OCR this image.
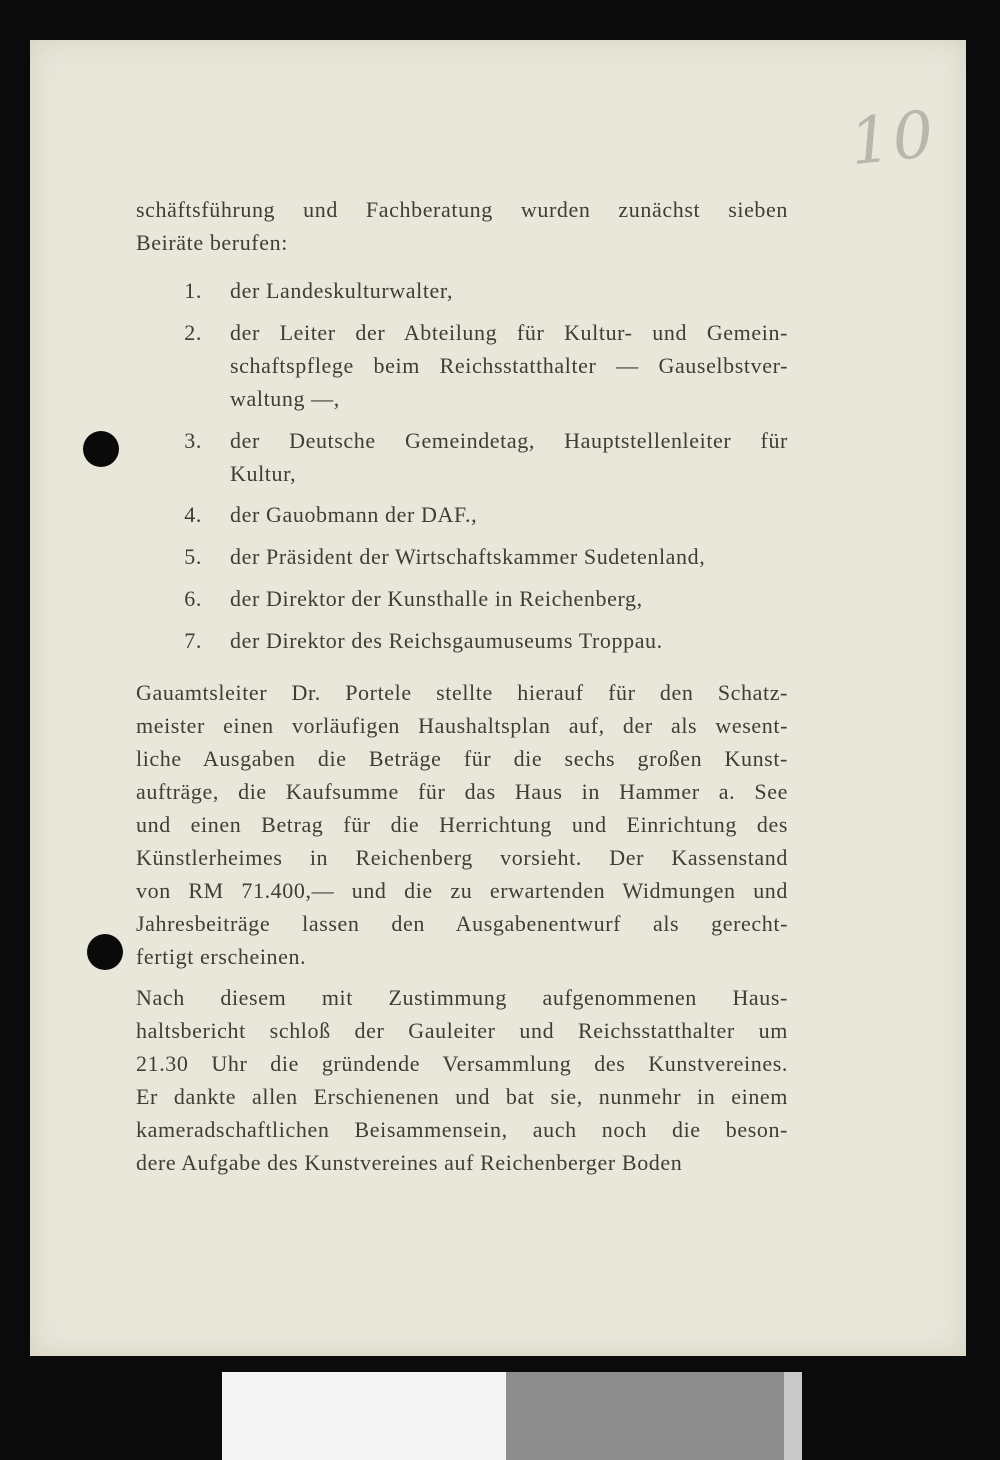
10

schäftsführung und Fachberatung wurden zunächst sieben
Beiräte berufen:

1. der Landeskulturwalter,
2. der Leiter der Abteilung für Kultur- und Gemein-
schaftspflege beim Reichsstatthalter — Gauselbstver-
waltung —,
3. der Deutsche Gemeindetag, Hauptstellenleiter für
Kultur,
4. der Gauobmann der DAF.,
5. der Präsident der Wirtschaftskammer Sudetenland,
6. der Direktor der Kunsthalle in Reichenberg,
7. der Direktor des Reichsgaumuseums Troppau.

Gauamtsleiter Dr. Portele stellte hierauf für den Schatz-
meister einen vorläufigen Haushaltsplan auf, der als wesent-
liche Ausgaben die Beträge für die sechs großen Kunst-
aufträge, die Kaufsumme für das Haus in Hammer a. See
und einen Betrag für die Herrichtung und Einrichtung des
Künstlerheimes in Reichenberg vorsieht. Der Kassenstand
von RM 71.400,— und die zu erwartenden Widmungen und
Jahresbeiträge lassen den Ausgabenentwurf als gerecht-
fertigt erscheinen.

Nach diesem mit Zustimmung aufgenommenen Haus-
haltsbericht schloß der Gauleiter und Reichsstatthalter um
21.30 Uhr die gründende Versammlung des Kunstvereines.
Er dankte allen Erschienenen und bat sie, nunmehr in einem
kameradschaftlichen Beisammensein, auch noch die beson-
dere Aufgabe des Kunstvereines auf Reichenberger Boden
